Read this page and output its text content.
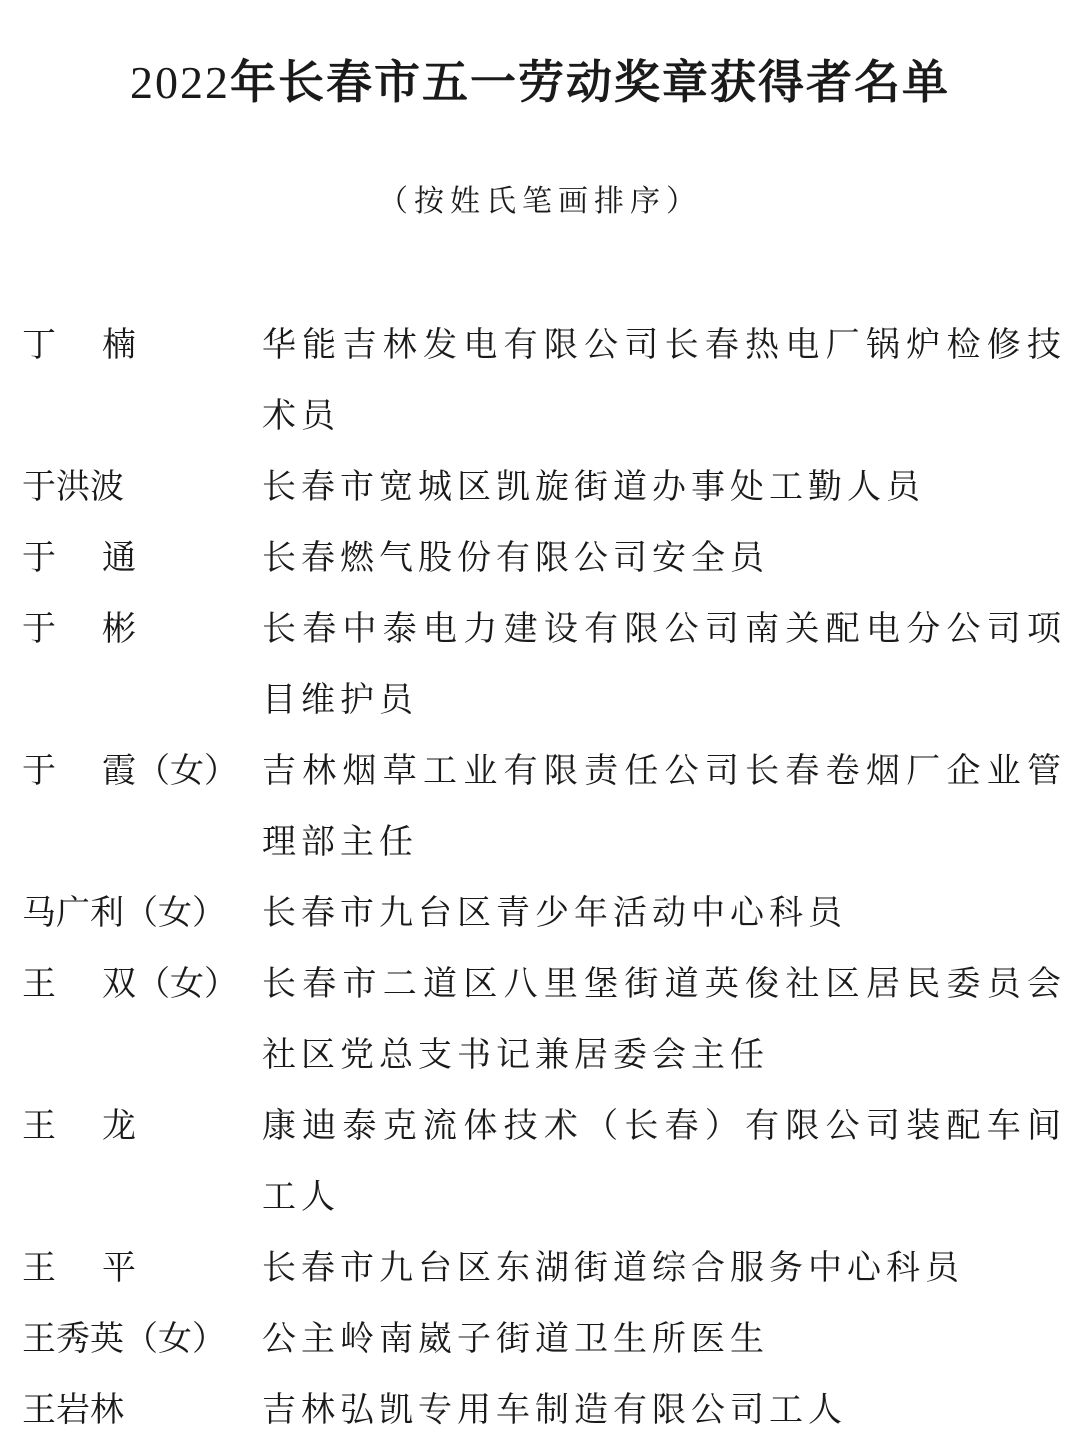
2022年长春市五一劳动奖章获得者名单
（按姓氏笔画排序）
丁 楠	华能吉林发电有限公司长春热电厂锅炉检修技术员
于洪波	长春市宽城区凯旋街道办事处工勤人员
于 通	长春燃气股份有限公司安全员
于 彬	长春中泰电力建设有限公司南关配电分公司项目维护员
于 霞（女） 吉林烟草工业有限责任公司长春卷烟厂企业管理部主任
马广利（女）	长春市九台区青少年活动中心科员
王 双（女） 长春市二道区八里堡街道英俊社区居民委员会社区党总支书记兼居委会主任
王 龙	康迪泰克流体技术（长春）有限公司装配车间工人
王 平	长春市九台区东湖街道综合服务中心科员
王秀英（女）	公主岭南崴子街道卫生所医生
王岩林	吉林弘凯专用车制造有限公司工人
